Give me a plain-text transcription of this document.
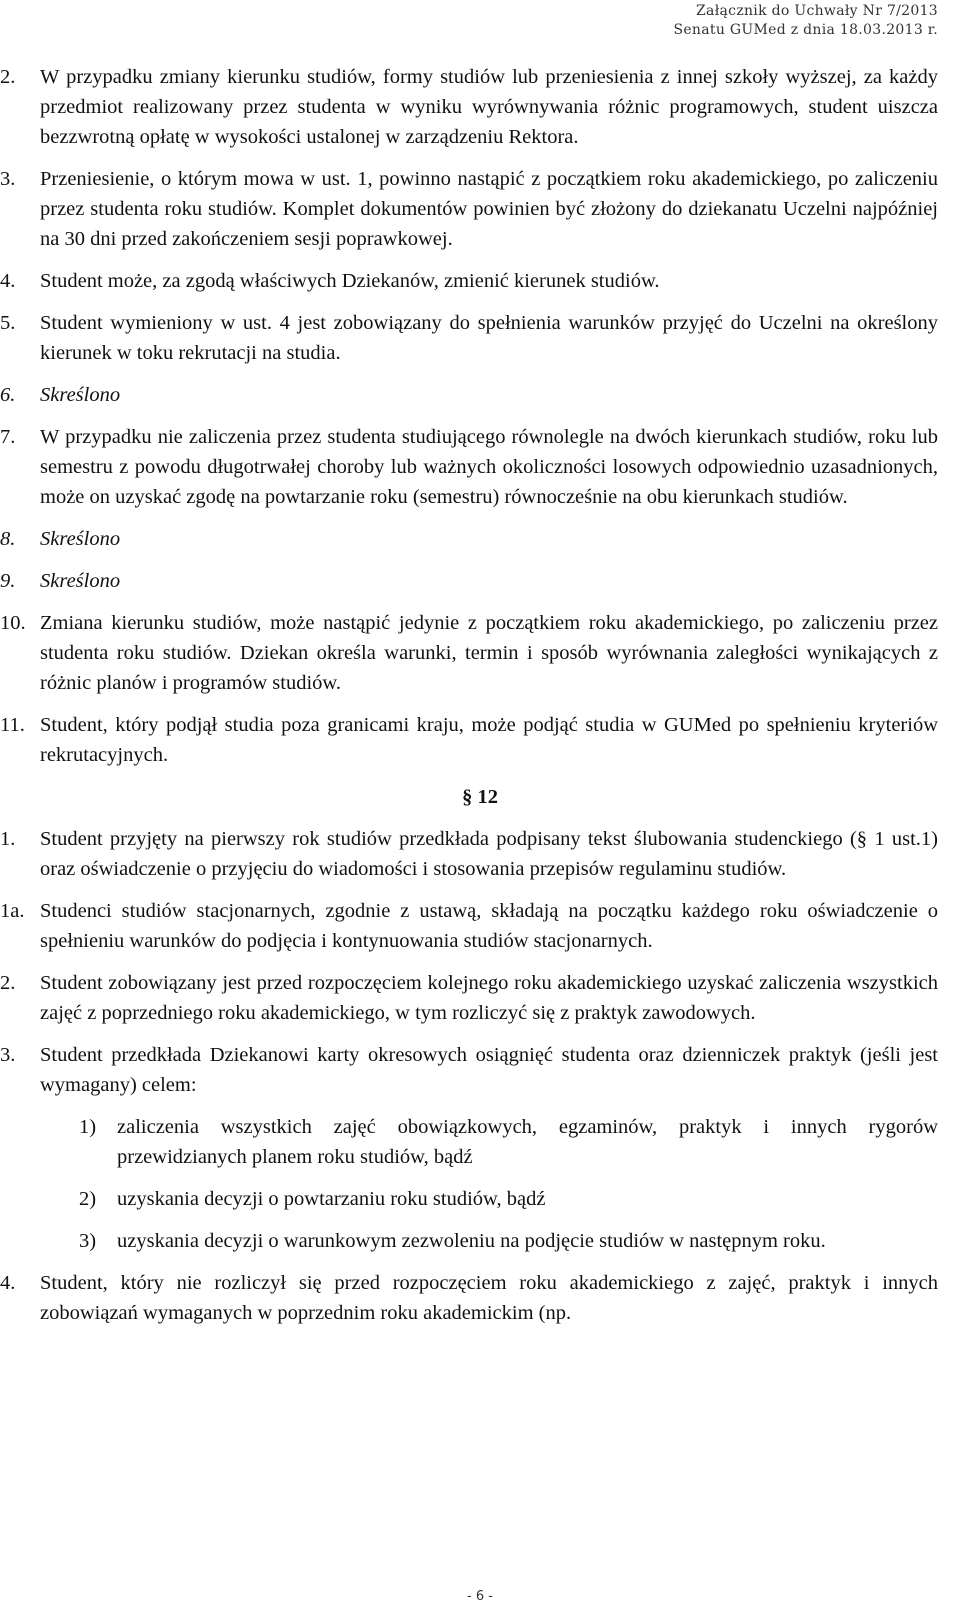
Załącznik do Uchwały Nr 7/2013
Senatu GUMed z dnia 18.03.2013 r.
2.	W przypadku zmiany kierunku studiów, formy studiów lub przeniesienia z innej szkoły wyższej, za każdy przedmiot realizowany przez studenta w wyniku wyrównywania różnic programowych, student uiszcza bezzwrotną opłatę w wysokości ustalonej w zarządzeniu Rektora.
3.	Przeniesienie, o którym mowa w ust. 1, powinno nastąpić z początkiem roku akademickiego, po zaliczeniu przez studenta roku studiów. Komplet dokumentów powinien być złożony do dziekanatu Uczelni najpóźniej na 30 dni przed zakończeniem sesji poprawkowej.
4.	Student może, za zgodą właściwych Dziekanów, zmienić kierunek studiów.
5.	Student wymieniony w ust. 4 jest zobowiązany do spełnienia warunków przyjęć do Uczelni na określony kierunek w toku rekrutacji na studia.
6.	Skreślono
7.	W przypadku nie zaliczenia przez studenta studiującego równolegle na dwóch kierunkach studiów, roku lub semestru z powodu długotrwałej choroby lub ważnych okoliczności losowych odpowiednio uzasadnionych, może on uzyskać zgodę na powtarzanie roku (semestru) równocześnie na obu kierunkach studiów.
8.	Skreślono
9.	Skreślono
10. Zmiana kierunku studiów, może nastąpić jedynie z początkiem roku akademickiego, po zaliczeniu przez studenta roku studiów. Dziekan określa warunki, termin i sposób wyrównania zaległości wynikających z różnic planów i programów studiów.
11. Student, który podjął studia poza granicami kraju, może podjąć studia w GUMed po spełnieniu kryteriów rekrutacyjnych.
§ 12
1.	Student przyjęty na pierwszy rok studiów przedkłada podpisany tekst ślubowania studenckiego (§ 1 ust.1) oraz oświadczenie o przyjęciu do wiadomości i stosowania przepisów regulaminu studiów.
1a. Studenci studiów stacjonarnych, zgodnie z ustawą, składają na początku każdego roku oświadczenie o spełnieniu warunków do podjęcia i kontynuowania studiów stacjonarnych.
2.	Student zobowiązany jest przed rozpoczęciem kolejnego roku akademickiego uzyskać zaliczenia wszystkich zajęć z poprzedniego roku akademickiego, w tym rozliczyć się z praktyk zawodowych.
3.	Student przedkłada Dziekanowi karty okresowych osiągnięć studenta oraz dzienniczek praktyk (jeśli jest wymagany) celem:
1) zaliczenia wszystkich zajęć obowiązkowych, egzaminów, praktyk i innych rygorów przewidzianych planem roku studiów, bądź
2) uzyskania decyzji o powtarzaniu roku studiów, bądź
3) uzyskania decyzji o warunkowym zezwoleniu na podjęcie studiów w następnym roku.
4.	Student, który nie rozliczył się przed rozpoczęciem roku akademickiego z zajęć, praktyk i innych zobowiązań wymaganych w poprzednim roku akademickim (np.
- 6 -
